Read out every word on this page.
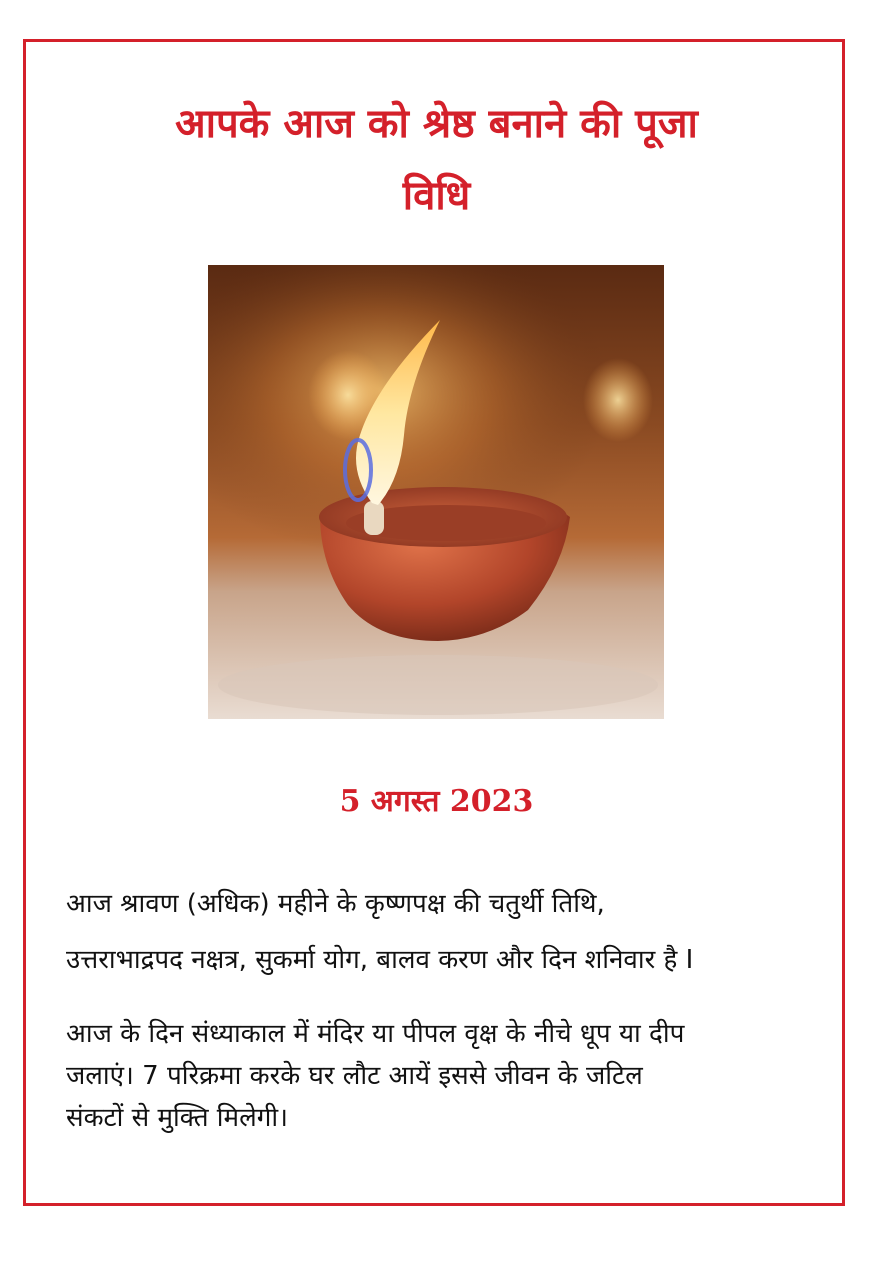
आपके आज को श्रेष्ठ बनाने की पूजा
विधि
5 अगस्त 2023

आज श्रावण (अधिक) महीने के कृष्णपक्ष की चतुर्थी तिथि,
उत्तराभाद्रपद नक्षत्र, सुकर्मा योग, बालव करण और दिन शनिवार है I

आज के दिन संध्याकाल में मंदिर या पीपल वृक्ष के नीचे धूप या दीप
जलाएं। 7 परिक्रमा करके घर लौट आयें इससे जीवन के जटिल
संकटों से मुक्ति मिलेगी।
